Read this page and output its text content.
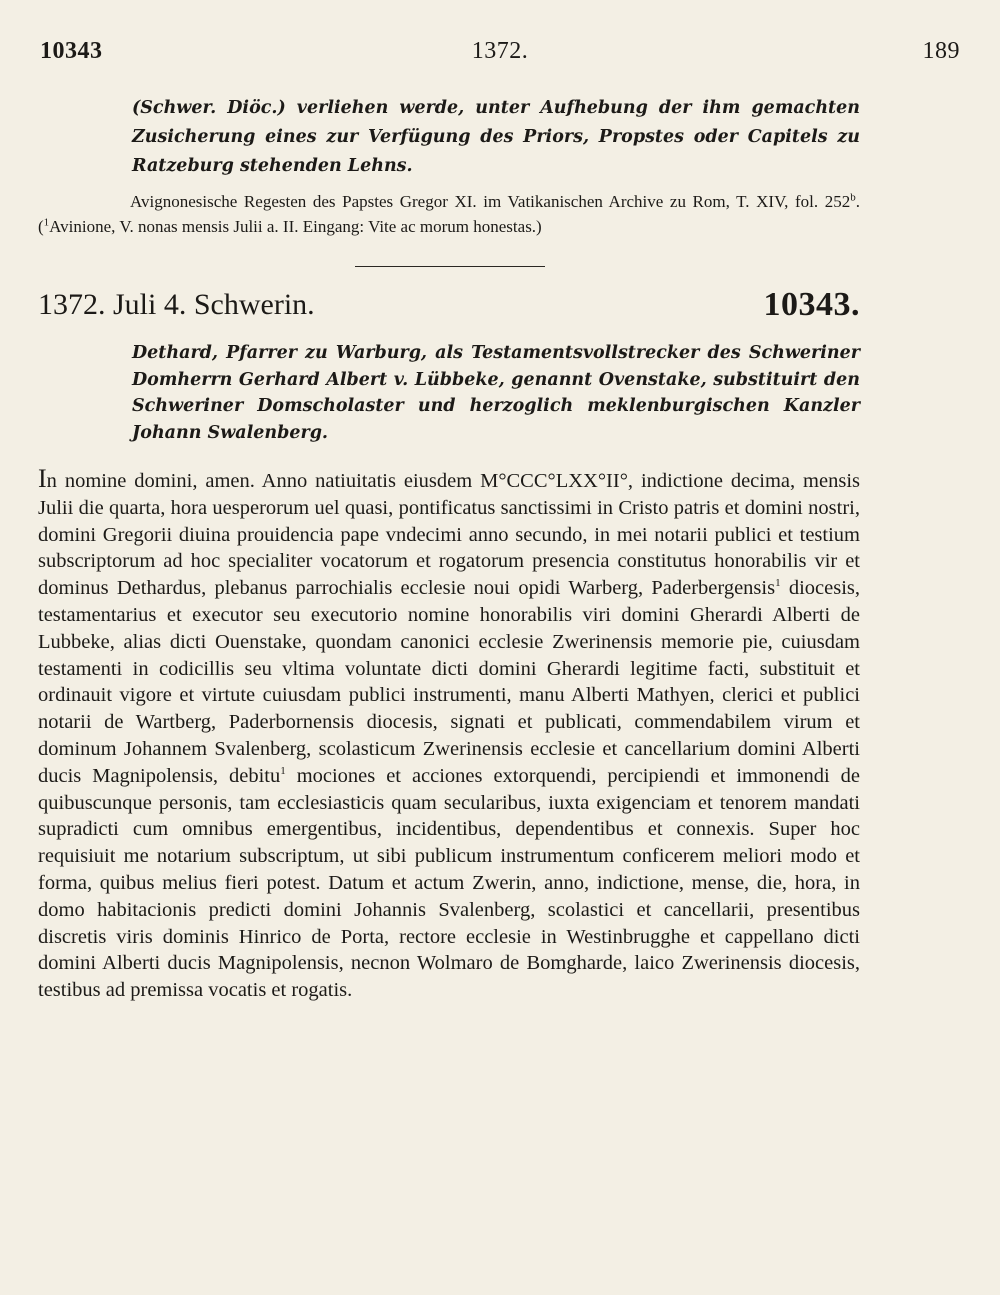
10343	1372.	189
(Schwer. Diöc.) verliehen werde, unter Aufhebung der ihm gemachten Zusicherung eines zur Verfügung des Priors, Propstes oder Capitels zu Ratzeburg stehenden Lehns.
Avignonesische Regesten des Papstes Gregor XI. im Vatikanischen Archive zu Rom, T. XIV, fol. 252$^b$. ($^1$Avinione, V. nonas mensis Julii a. II. Eingang: Vite ac morum honestas.)
1372. Juli 4. Schwerin.	10343.
Dethard, Pfarrer zu Warburg, als Testamentsvollstrecker des Schweriner Domherrn Gerhard Albert v. Lübbeke, genannt Ovenstake, substituirt den Schweriner Domscholaster und herzoglich meklenburgischen Kanzler Johann Swalenberg.
In nomine domini, amen. Anno natiuitatis eiusdem M°CCC°LXX°II°, indictione decima, mensis Julii die quarta, hora uesperorum uel quasi, pontificatus sanctissimi in Cristo patris et domini nostri, domini Gregorii diuina prouidencia pape vndecimi anno secundo, in mei notarii publici et testium subscriptorum ad hoc specialiter vocatorum et rogatorum presencia constitutus honorabilis vir et dominus Dethardus, plebanus parrochialis ecclesie noui opidi Warberg, Paderbergensis$^1$ diocesis, testamentarius et executor seu executorio nomine honorabilis viri domini Gherardi Alberti de Lubbeke, alias dicti Ouenstake, quondam canonici ecclesie Zwerinensis memorie pie, cuiusdam testamenti in codicillis seu vltima voluntate dicti domini Gherardi legitime facti, substituit et ordinauit vigore et virtute cuiusdam publici instrumenti, manu Alberti Mathyen, clerici et publici notarii de Wartberg, Paderbornensis diocesis, signati et publicati, commendabilem virum et dominum Johannem Svalenberg, scolasticum Zwerinensis ecclesie et cancellarium domini Alberti ducis Magnipolensis, debitu$^1$ mociones et acciones extorquendi, percipiendi et immonendi de quibuscunque personis, tam ecclesiasticis quam secularibus, iuxta exigenciam et tenorem mandati supradicti cum omnibus emergentibus, incidentibus, dependentibus et connexis. Super hoc requisiuit me notarium subscriptum, ut sibi publicum instrumentum conficerem meliori modo et forma, quibus melius fieri potest. Datum et actum Zwerin, anno, indictione, mense, die, hora, in domo habitacionis predicti domini Johannis Svalenberg, scolastici et cancellarii, presentibus discretis viris dominis Hinrico de Porta, rectore ecclesie in Westinbrugghe et cappellano dicti domini Alberti ducis Magnipolensis, necnon Wolmaro de Bomgharde, laico Zwerinensis diocesis, testibus ad premissa vocatis et rogatis.
